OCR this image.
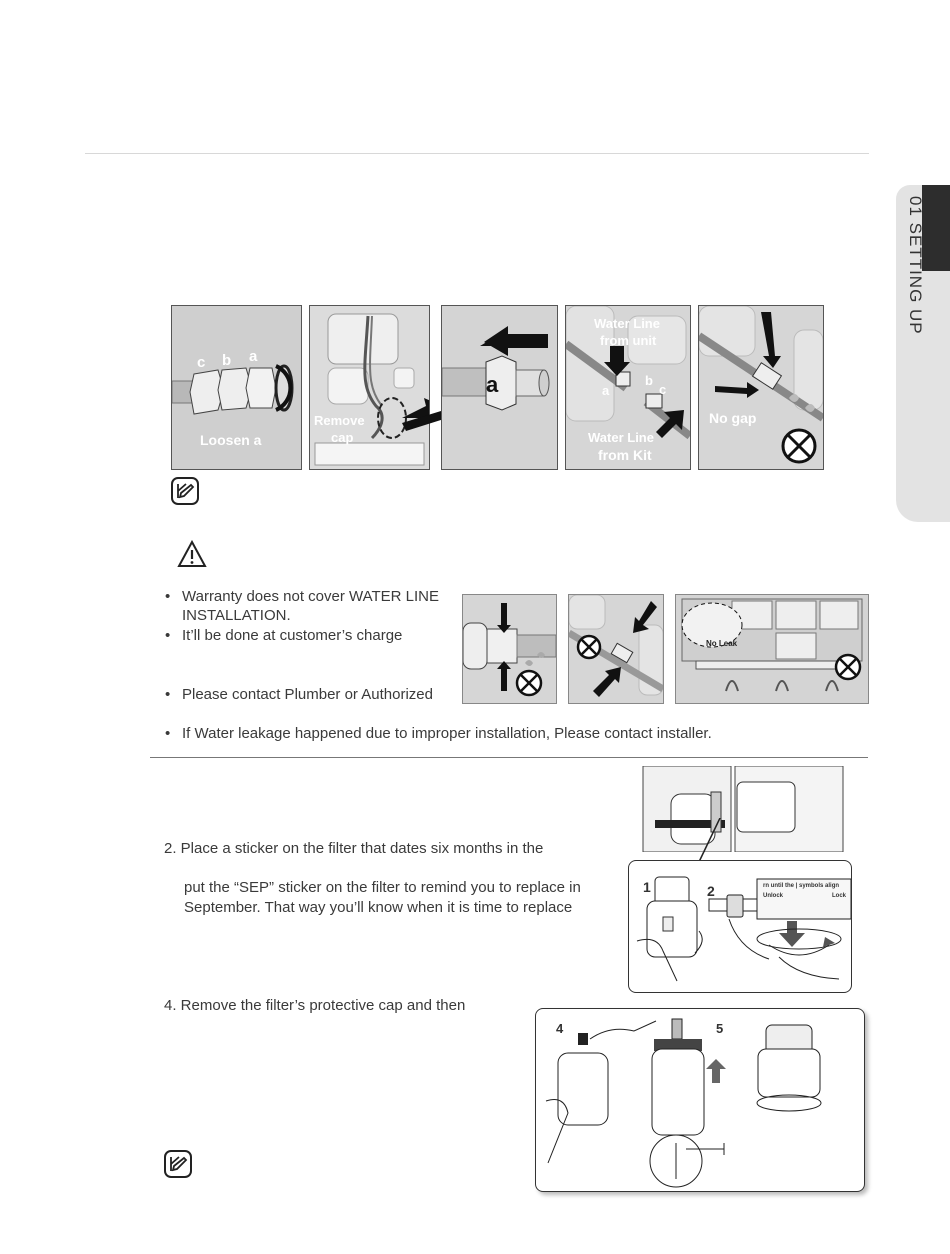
01 SETTING UP
c b a
Loosen a
Remove
cap
a
Water Line
from unit
a
b
c
Water Line
from Kit
No gap
• Warranty does not cover WATER LINE
INSTALLATION.
• It’ll be done at customer’s charge
• Please contact Plumber or Authorized
• If Water leakage happened due to improper installation, Please contact installer.
No Leak
2. Place a sticker on the filter that dates six months in the
put the “SEP” sticker on the filter to remind you to replace in
September. That way you’ll know when it is time to replace
4. Remove the filter’s protective cap and then
1	2	rn until the | symbols align
Unlock	Lock
4	5
